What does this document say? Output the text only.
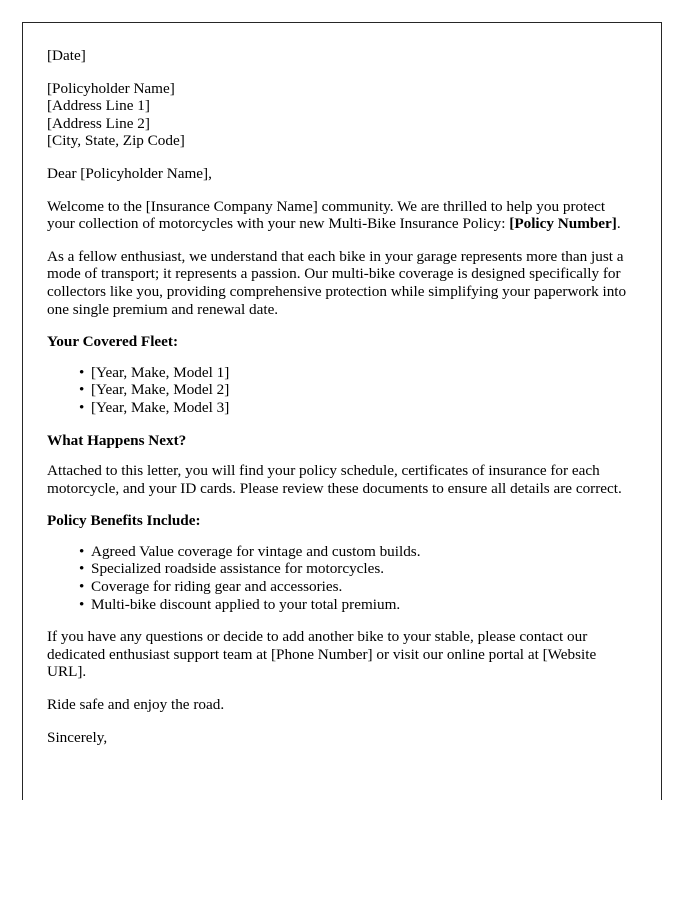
[Date]

[Policyholder Name]

[Address Line 1]

[Address Line 2]

[City, State, Zip Code]

Dear [Policyholder Name],

Welcome to the [Insurance Company Name] community. We are thrilled to help you protect your collection of motorcycles with your new Multi-Bike Insurance Policy: [Policy Number].

As a fellow enthusiast, we understand that each bike in your garage represents more than just a mode of transport; it represents a passion. Our multi-bike coverage is designed specifically for collectors like you, providing comprehensive protection while simplifying your paperwork into one single premium and renewal date.

Your Covered Fleet:
• [Year, Make, Model 1]
• [Year, Make, Model 2]
• [Year, Make, Model 3]
What Happens Next?

Attached to this letter, you will find your policy schedule, certificates of insurance for each motorcycle, and your ID cards. Please review these documents to ensure all details are correct.

Policy Benefits Include:
• Agreed Value coverage for vintage and custom builds.
• Specialized roadside assistance for motorcycles.
• Coverage for riding gear and accessories.
• Multi-bike discount applied to your total premium.

If you have any questions or decide to add another bike to your stable, please contact our dedicated enthusiast support team at [Phone Number] or visit our online portal at [Website URL].

Ride safe and enjoy the road.

Sincerely,
